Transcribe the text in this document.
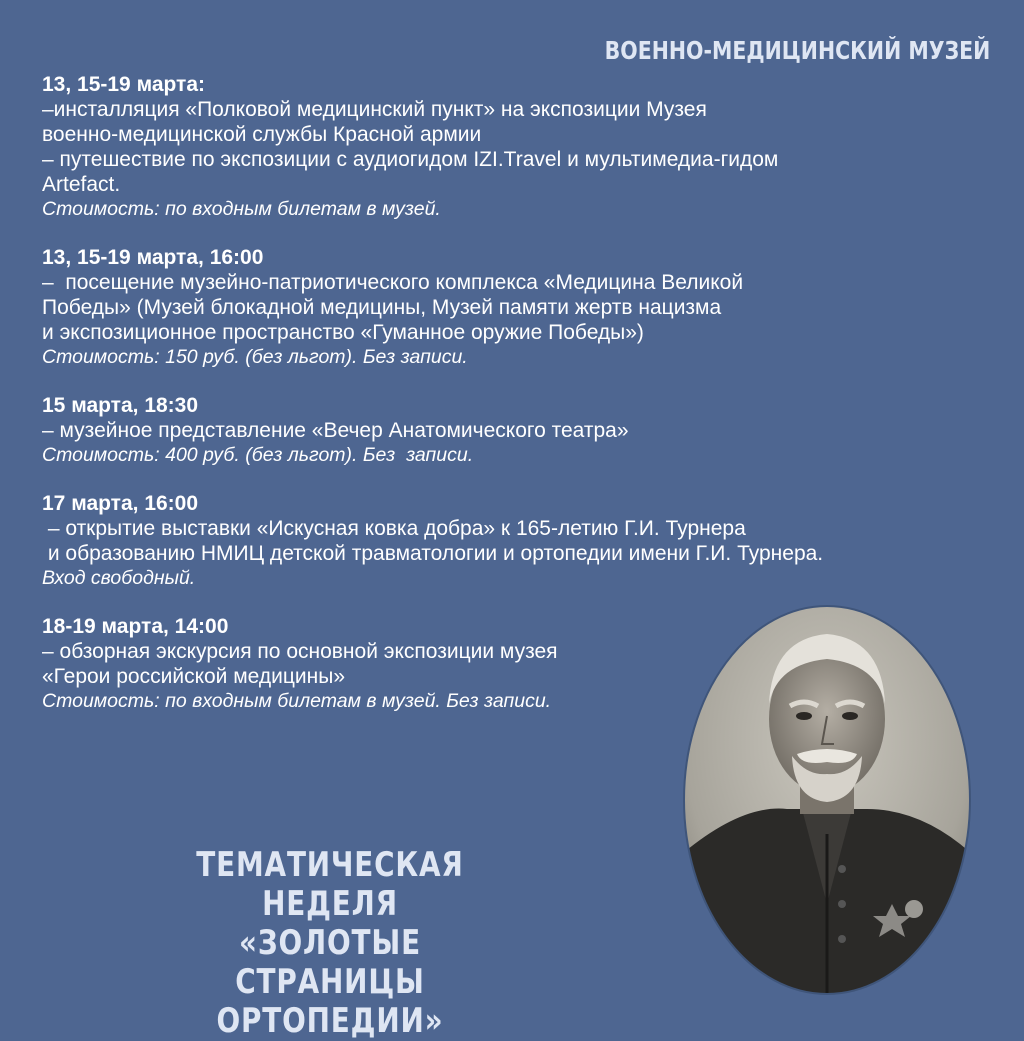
ВОЕННО-МЕДИЦИНСКИЙ МУЗЕЙ
13, 15-19 марта:
–инсталляция «Полковой медицинский пункт» на экспозиции Музея
военно-медицинской службы Красной армии
– путешествие по экспозиции с аудиогидом IZI.Travel и мультимедиа-гидом
Artefact.
Стоимость: по входным билетам в музей.
13, 15-19 марта, 16:00
–  посещение музейно-патриотического комплекса «Медицина Великой
Победы» (Музей блокадной медицины, Музей памяти жертв нацизма
и экспозиционное пространство «Гуманное оружие Победы»)
Стоимость: 150 руб. (без льгот). Без записи.
15 марта, 18:30
– музейное представление «Вечер Анатомического театра»
Стоимость: 400 руб. (без льгот). Без  записи.
17 марта, 16:00
– открытие выставки «Искусная ковка добра» к 165-летию Г.И. Турнера
и образованию НМИЦ детской травматологии и ортопедии имени Г.И. Турнера.
Вход свободный.
18-19 марта, 14:00
– обзорная экскурсия по основной экспозиции музея
«Герои российской медицины»
Стоимость: по входным билетам в музей. Без записи.
ТЕМАТИЧЕСКАЯ НЕДЕЛЯ
«ЗОЛОТЫЕ СТРАНИЦЫ
ОРТОПЕДИИ»
